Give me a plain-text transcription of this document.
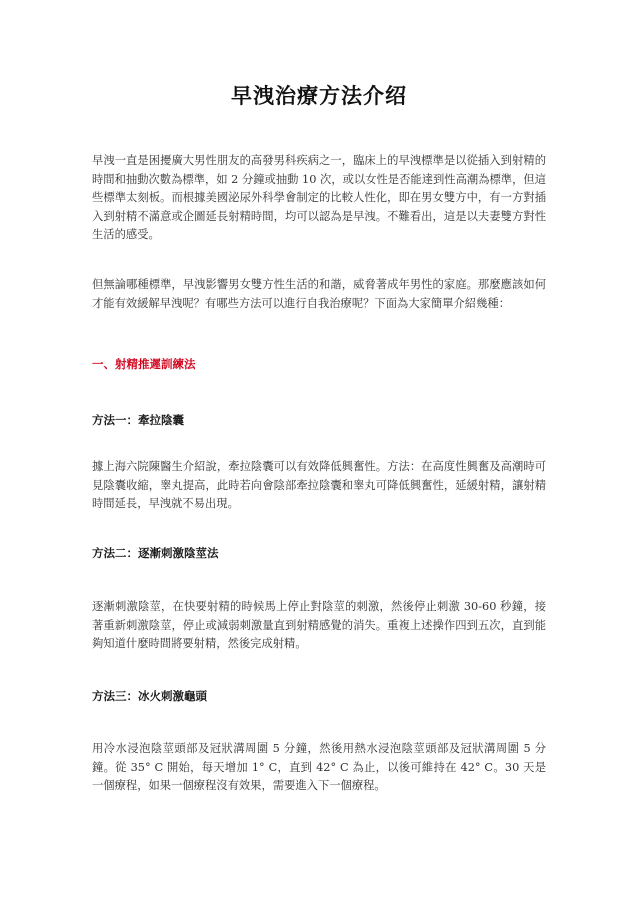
早洩治療方法介绍

早洩一直是困擾廣大男性朋友的高發男科疾病之一，臨床上的早洩標準是以從插入到射精的時間和抽動次數為標準，如 2 分鐘或抽動 10 次，或以女性是否能達到性高潮為標準，但這些標準太刻板。而根據美國泌尿外科學會制定的比較人性化，即在男女雙方中，有一方對插入到射精不滿意或企圖延長射精時間，均可以認為是早洩。不難看出，這是以夫妻雙方對性生活的感受。

但無論哪種標準，早洩影響男女雙方性生活的和諧，威脅著成年男性的家庭。那麼應該如何才能有效緩解早洩呢？有哪些方法可以進行自我治療呢？下面為大家簡單介紹幾種：

一、射精推遲訓練法

方法一：牽拉陰囊

據上海六院陳醫生介紹說，牽拉陰囊可以有效降低興奮性。方法：在高度性興奮及高潮時可見陰囊收縮，睾丸提高，此時若向會陰部牽拉陰囊和睾丸可降低興奮性，延緩射精，讓射精時間延長，早洩就不易出現。

方法二：逐漸刺激陰莖法

逐漸刺激陰莖，在快要射精的時候馬上停止對陰莖的刺激，然後停止刺激 30-60 秒鐘，接著重新刺激陰莖，停止或減弱刺激量直到射精感覺的消失。重複上述操作四到五次，直到能夠知道什麼時間將要射精，然後完成射精。

方法三：冰火刺激龜頭

用冷水浸泡陰莖頭部及冠狀溝周圍 5 分鐘，然後用熱水浸泡陰莖頭部及冠狀溝周圍 5 分鐘。從 35° C 開始，每天增加 1° C，直到 42° C 為止，以後可維持在 42° C。30 天是一個療程，如果一個療程沒有效果，需要進入下一個療程。
